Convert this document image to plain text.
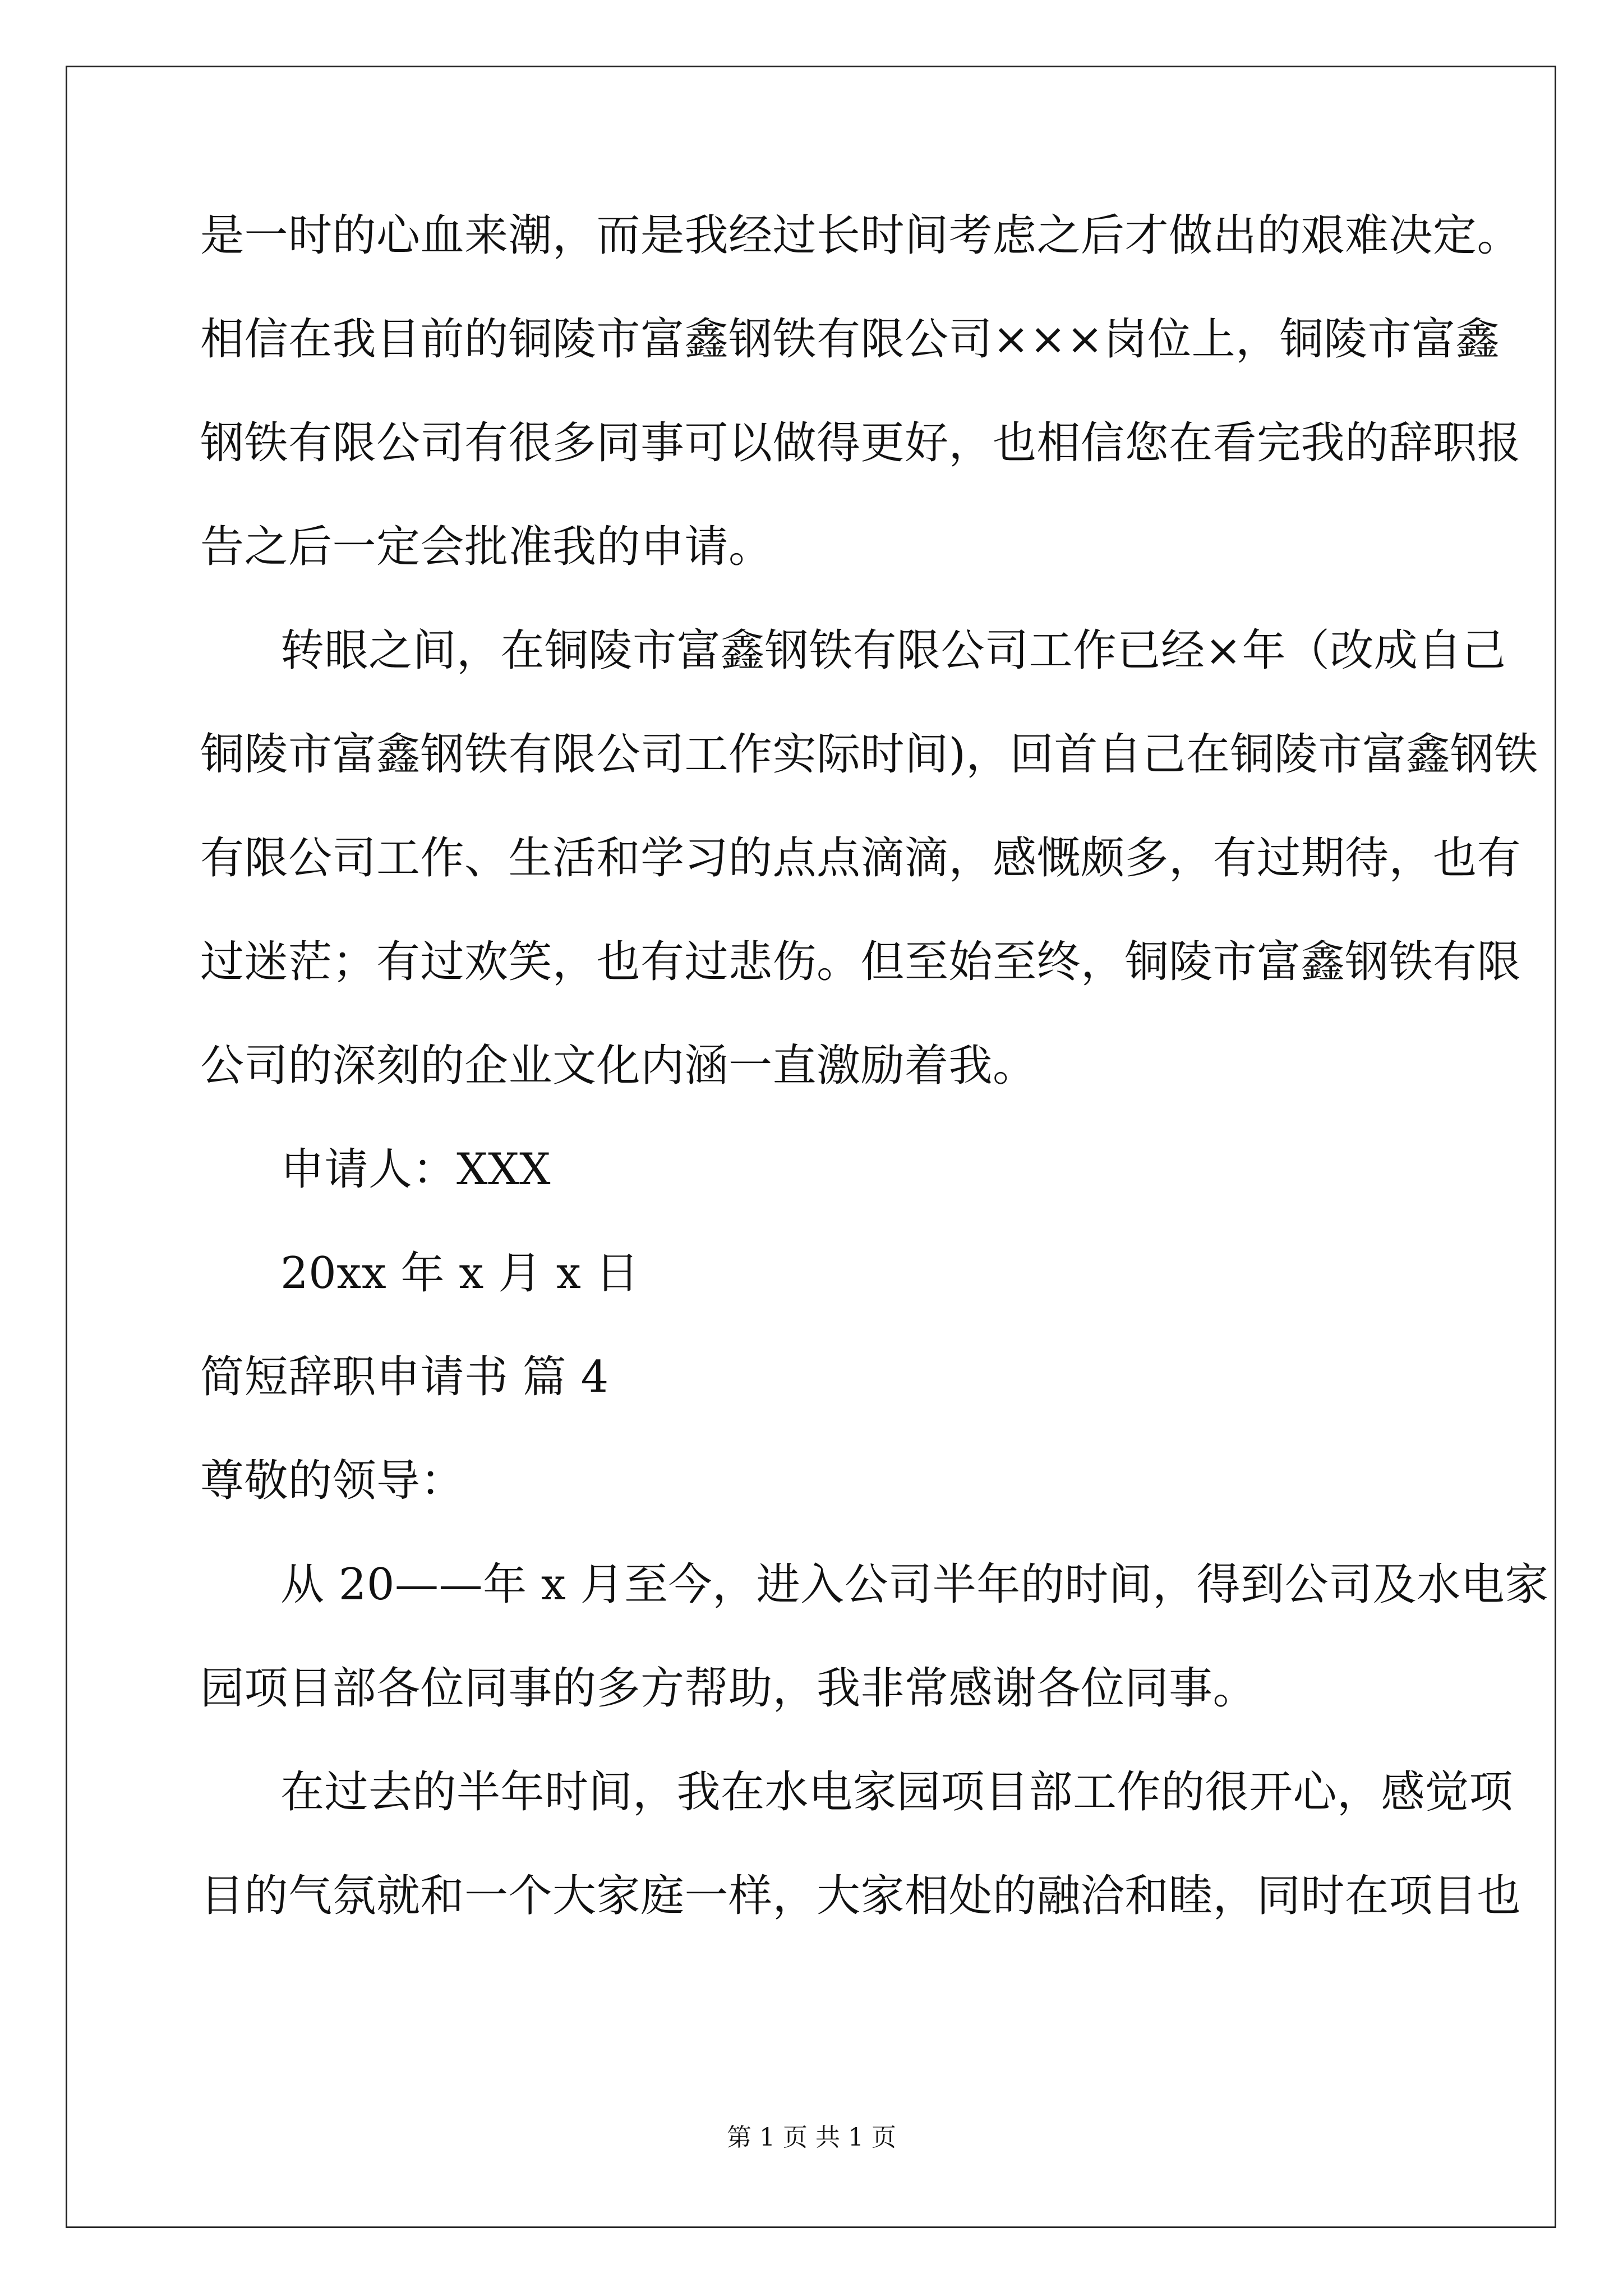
是一时的心血来潮，而是我经过长时间考虑之后才做出的艰难决定。
相信在我目前的铜陵市富鑫钢铁有限公司×××岗位上，铜陵市富鑫
钢铁有限公司有很多同事可以做得更好，也相信您在看完我的辞职报
告之后一定会批准我的申请。
转眼之间，在铜陵市富鑫钢铁有限公司工作已经×年（改成自己
铜陵市富鑫钢铁有限公司工作实际时间)，回首自己在铜陵市富鑫钢铁
有限公司工作、生活和学习的点点滴滴，感慨颇多，有过期待，也有
过迷茫；有过欢笑，也有过悲伤。但至始至终，铜陵市富鑫钢铁有限
公司的深刻的企业文化内涵一直激励着我。
申请人：XXX
20xx 年 x 月 x 日
简短辞职申请书 篇 4
尊敬的领导：
从 20——年 x 月至今，进入公司半年的时间，得到公司及水电家
园项目部各位同事的多方帮助，我非常感谢各位同事。
在过去的半年时间，我在水电家园项目部工作的很开心，感觉项
目的气氛就和一个大家庭一样，大家相处的融洽和睦，同时在项目也
第 1 页 共 1 页
